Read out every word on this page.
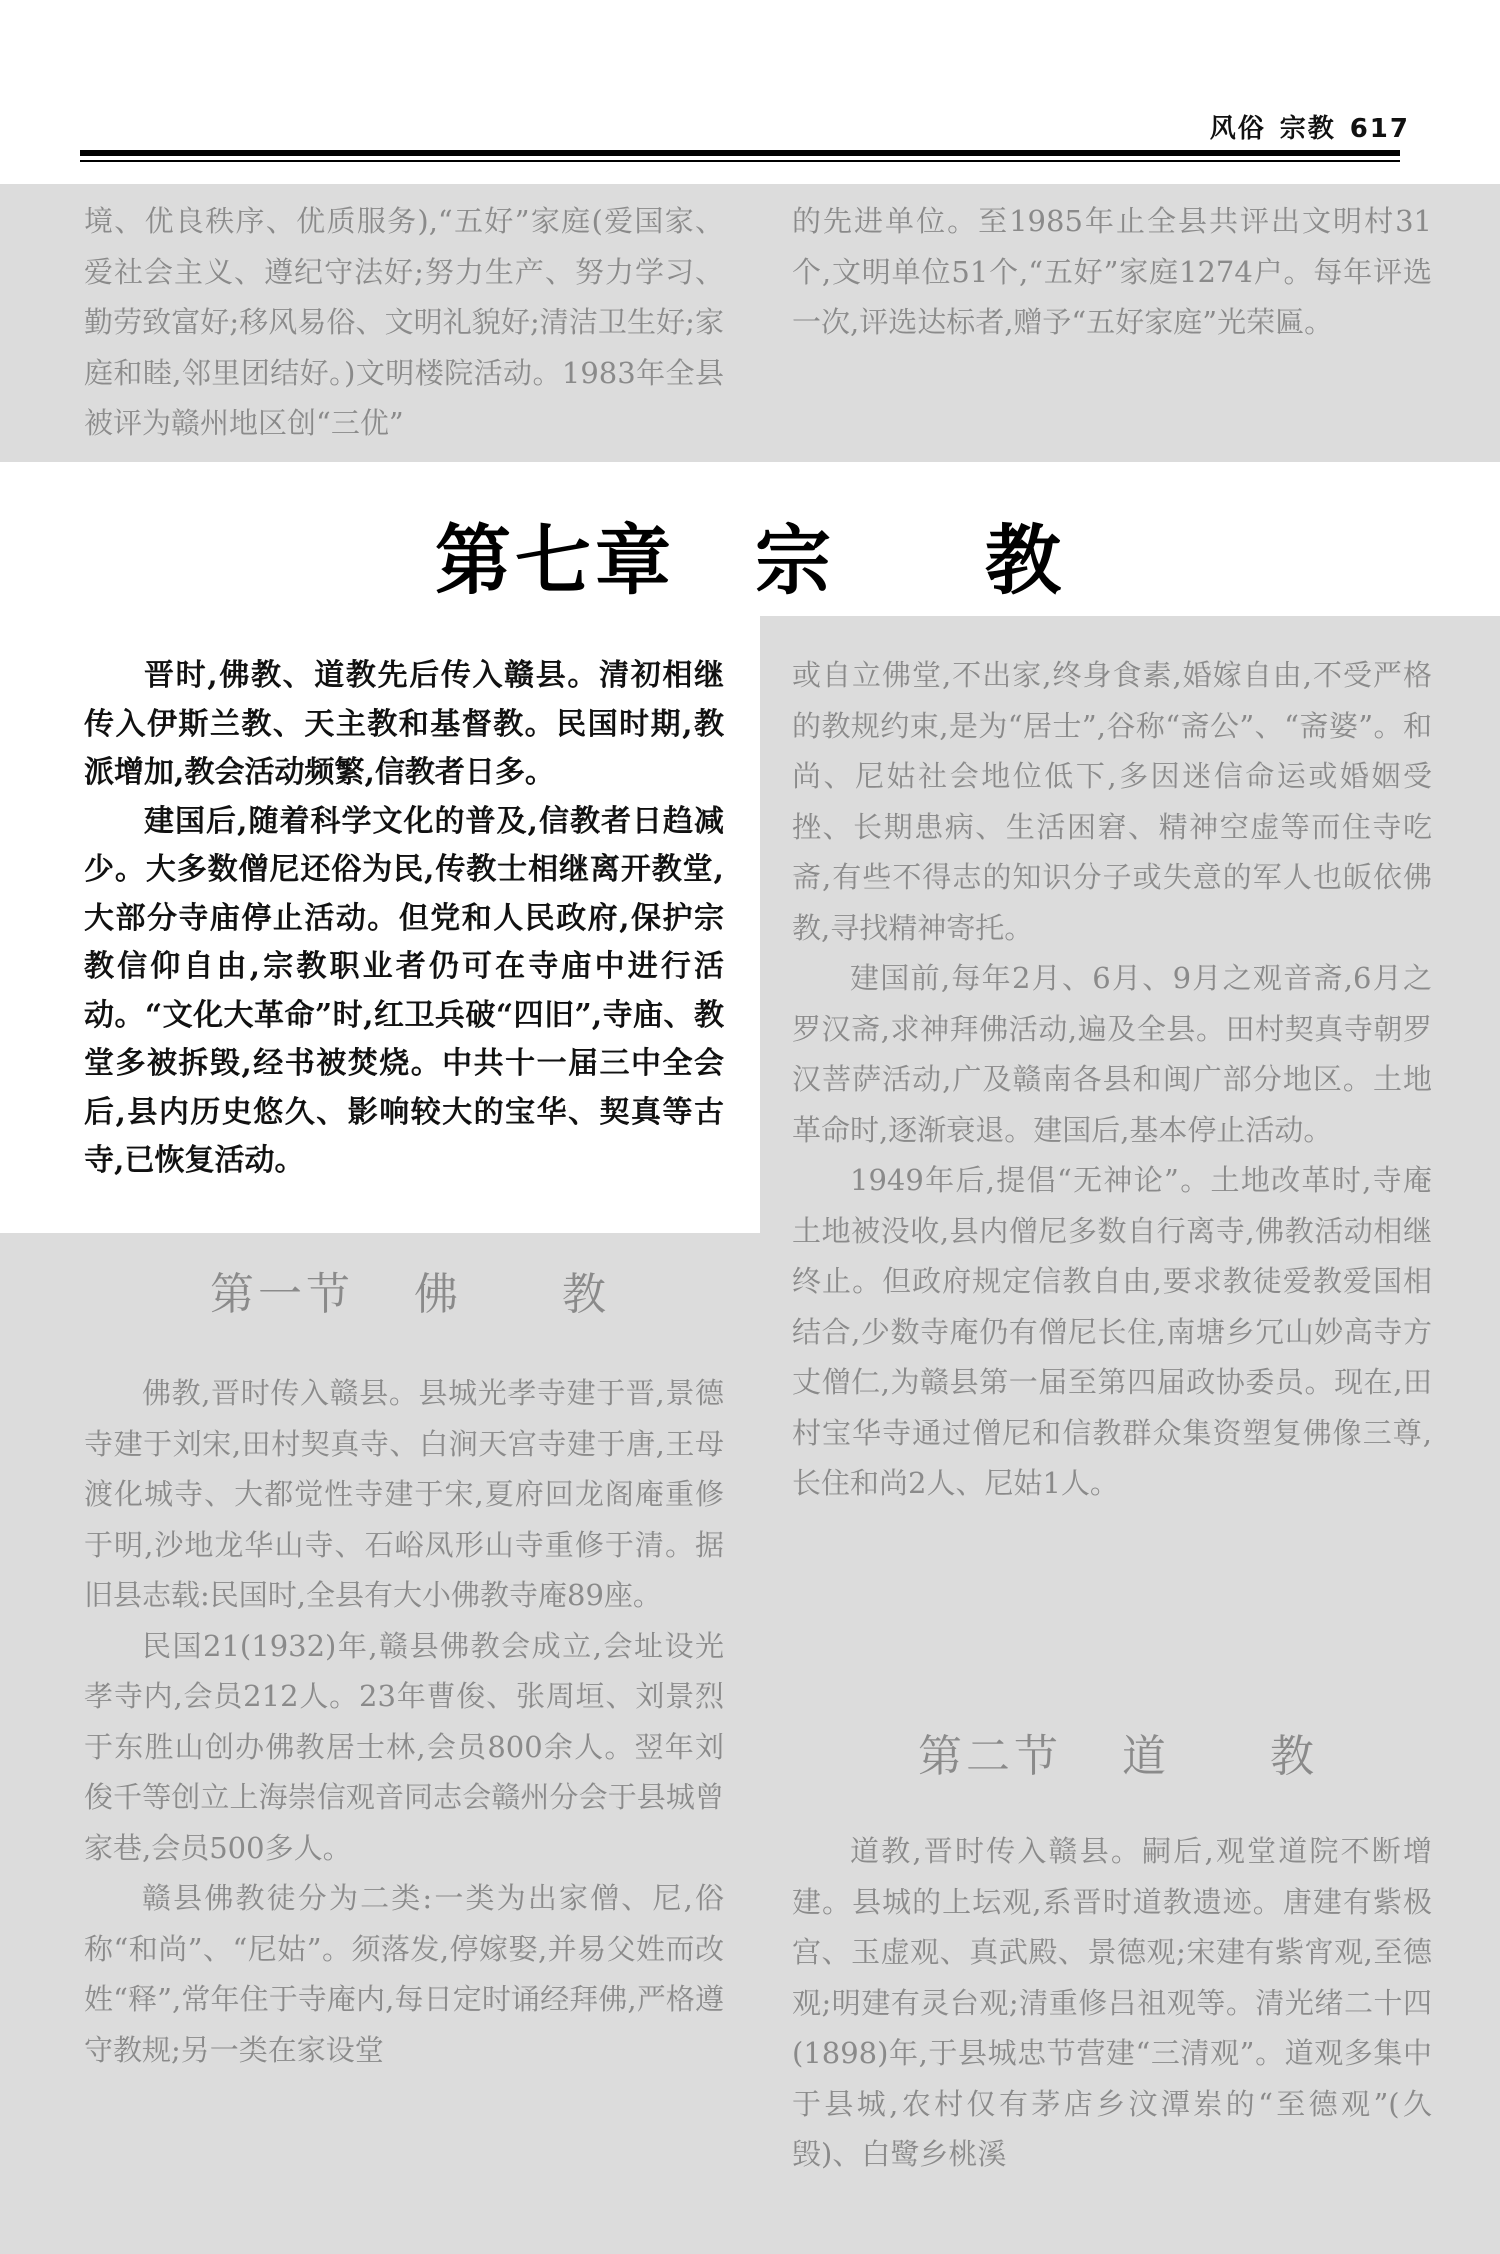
风俗 宗教 617

境、优良秩序、优质服务),“五好”家庭(爱国家、爱社会主义、遵纪守法好;努力生产、努力学习、勤劳致富好;移风易俗、文明礼貌好;清洁卫生好;家庭和睦,邻里团结好。)文明楼院活动。1983年全县被评为赣州地区创“三优”

的先进单位。至1985年止全县共评出文明村31个,文明单位51个,“五好”家庭1274户。每年评选一次,评选达标者,赠予“五好家庭”光荣匾。

第七章 宗 教

晋时,佛教、道教先后传入赣县。清初相继传入伊斯兰教、天主教和基督教。民国时期,教派增加,教会活动频繁,信教者日多。

建国后,随着科学文化的普及,信教者日趋减少。大多数僧尼还俗为民,传教士相继离开教堂,大部分寺庙停止活动。但党和人民政府,保护宗教信仰自由,宗教职业者仍可在寺庙中进行活动。“文化大革命”时,红卫兵破“四旧”,寺庙、教堂多被拆毁,经书被焚烧。中共十一届三中全会后,县内历史悠久、影响较大的宝华、契真等古寺,已恢复活动。

第一节 佛 教

佛教,晋时传入赣县。县城光孝寺建于晋,景德寺建于刘宋,田村契真寺、白涧天宫寺建于唐,王母渡化城寺、大都觉性寺建于宋,夏府回龙阁庵重修于明,沙地龙华山寺、石峪凤形山寺重修于清。据旧县志载:民国时,全县有大小佛教寺庵89座。

民国21(1932)年,赣县佛教会成立,会址设光孝寺内,会员212人。23年曹俊、张周垣、刘景烈于东胜山创办佛教居士林,会员800余人。翌年刘俊千等创立上海崇信观音同志会赣州分会于县城曾家巷,会员500多人。

赣县佛教徒分为二类:一类为出家僧、尼,俗称“和尚”、“尼姑”。须落发,停嫁娶,并易父姓而改姓“释”,常年住于寺庵内,每日定时诵经拜佛,严格遵守教规;另一类在家设堂

或自立佛堂,不出家,终身食素,婚嫁自由,不受严格的教规约束,是为“居士”,谷称“斋公”、“斋婆”。和尚、尼姑社会地位低下,多因迷信命运或婚姻受挫、长期患病、生活困窘、精神空虚等而住寺吃斋,有些不得志的知识分子或失意的军人也皈依佛教,寻找精神寄托。

建国前,每年2月、6月、9月之观音斋,6月之罗汉斋,求神拜佛活动,遍及全县。田村契真寺朝罗汉菩萨活动,广及赣南各县和闽广部分地区。土地革命时,逐渐衰退。建国后,基本停止活动。

1949年后,提倡“无神论”。土地改革时,寺庵土地被没收,县内僧尼多数自行离寺,佛教活动相继终止。但政府规定信教自由,要求教徒爱教爱国相结合,少数寺庵仍有僧尼长住,南塘乡冗山妙高寺方丈僧仁,为赣县第一届至第四届政协委员。现在,田村宝华寺通过僧尼和信教群众集资塑复佛像三尊,长住和尚2人、尼姑1人。

第二节 道 教

道教,晋时传入赣县。嗣后,观堂道院不断增建。县城的上坛观,系晋时道教遗迹。唐建有紫极宫、玉虚观、真武殿、景德观;宋建有紫宵观,至德观;明建有灵台观;清重修吕祖观等。清光绪二十四(1898)年,于县城忠节营建“三清观”。道观多集中于县城,农村仅有茅店乡汶潭岽的“至德观”(久毁)、白鹭乡桃溪
